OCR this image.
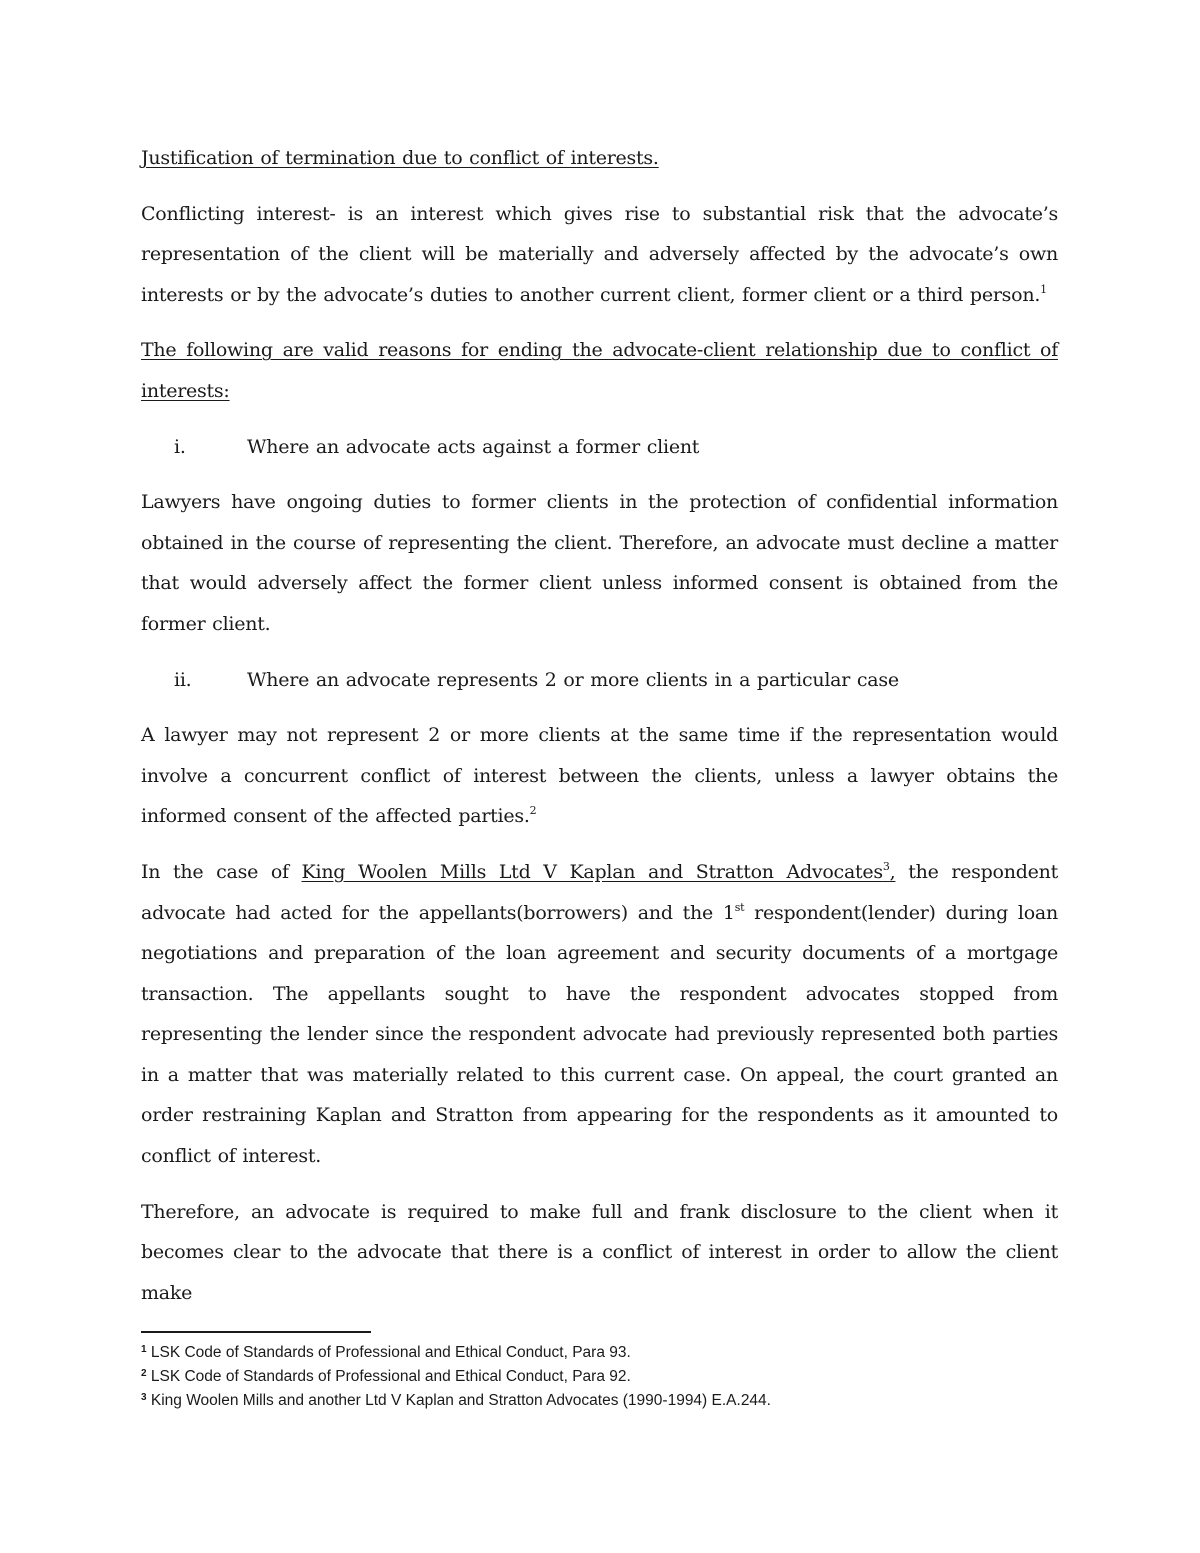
Justification of termination due to conflict of interests.

Conflicting interest- is an interest which gives rise to substantial risk that the advocate’s representation of the client will be materially and adversely affected by the advocate’s own interests or by the advocate’s duties to another current client, former client or a third person.$^1$

The following are valid reasons for ending the advocate-client relationship due to conflict of interests:

i.	Where an advocate acts against a former client

Lawyers have ongoing duties to former clients in the protection of confidential information obtained in the course of representing the client. Therefore, an advocate must decline a matter that would adversely affect the former client unless informed consent is obtained from the former client.

ii.	Where an advocate represents 2 or more clients in a particular case

A lawyer may not represent 2 or more clients at the same time if the representation would involve a concurrent conflict of interest between the clients, unless a lawyer obtains the informed consent of the affected parties.$^2$

In the case of King Woolen Mills Ltd V Kaplan and Stratton Advocates$^3$, the respondent advocate had acted for the appellants(borrowers) and the 1st respondent(lender) during loan negotiations and preparation of the loan agreement and security documents of a mortgage transaction. The appellants sought to have the respondent advocates stopped from representing the lender since the respondent advocate had previously represented both parties in a matter that was materially related to this current case. On appeal, the court granted an order restraining Kaplan and Stratton from appearing for the respondents as it amounted to conflict of interest.

Therefore, an advocate is required to make full and frank disclosure to the client when it becomes clear to the advocate that there is a conflict of interest in order to allow the client make

$^1$ LSK Code of Standards of Professional and Ethical Conduct, Para 93.

$^2$ LSK Code of Standards of Professional and Ethical Conduct, Para 92.

$^3$ King Woolen Mills and another Ltd V Kaplan and Stratton Advocates (1990-1994) E.A.244.
